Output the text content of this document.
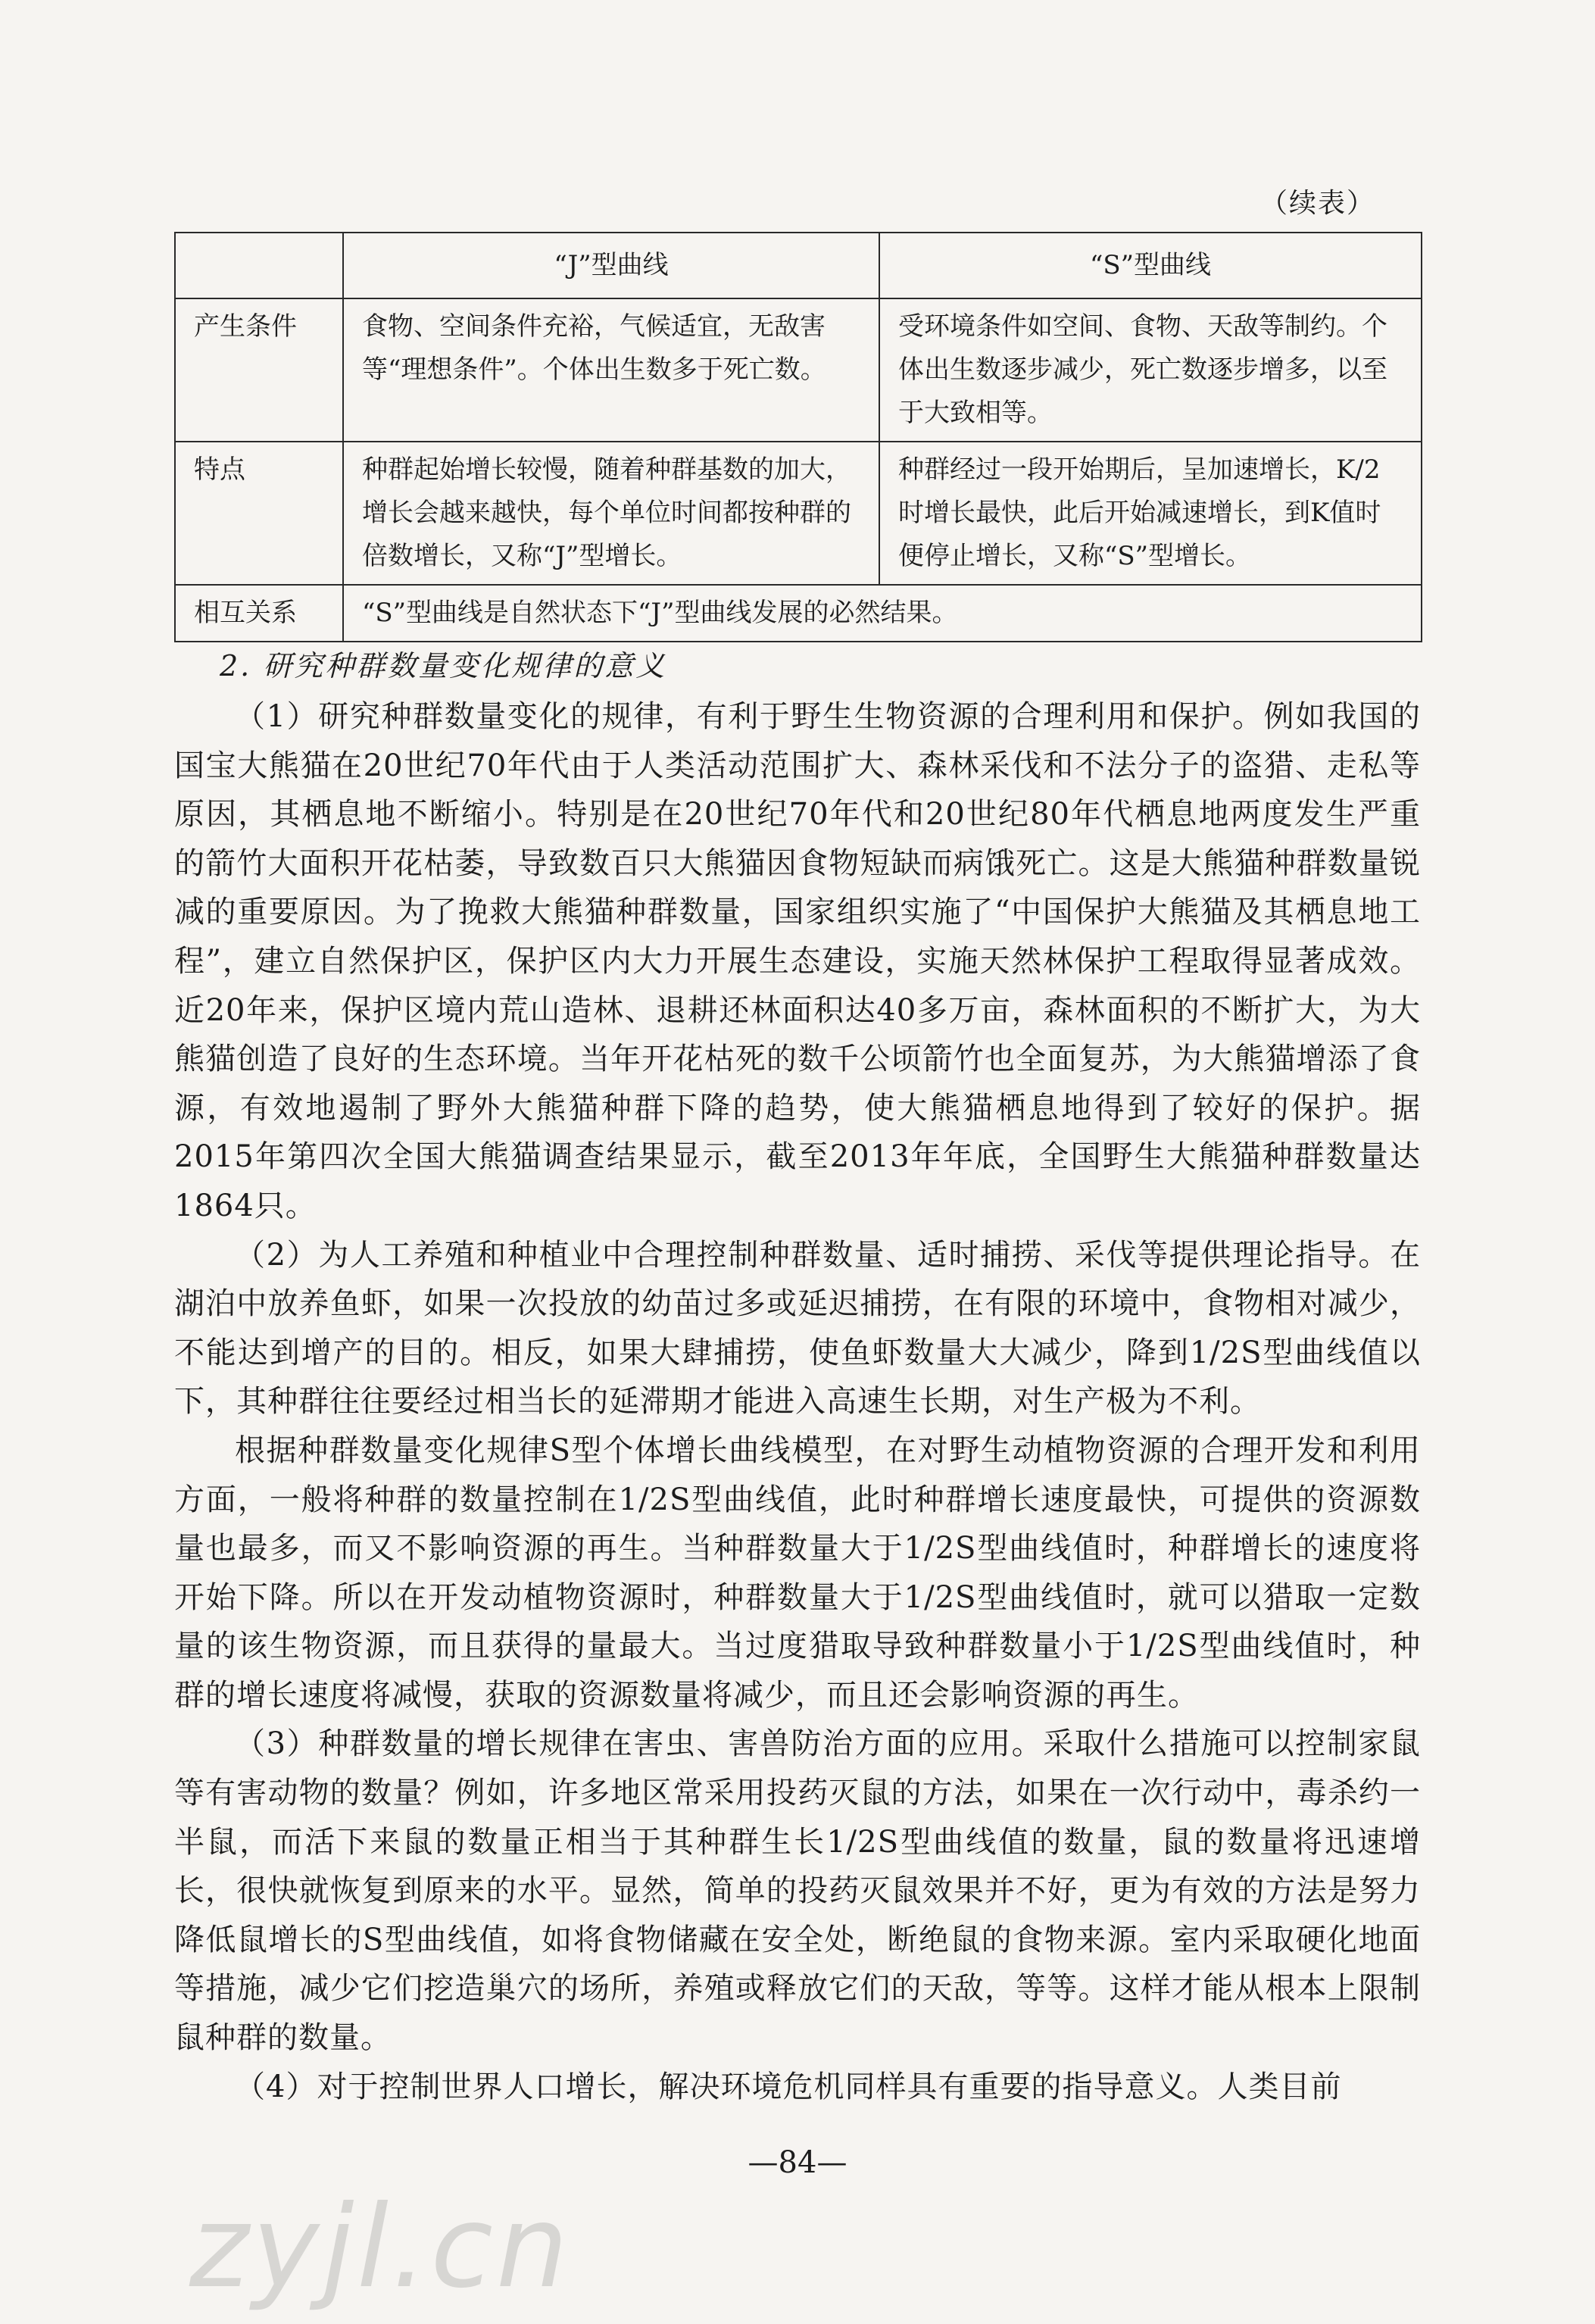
（续表）
	“J”型曲线	“S”型曲线
产生条件	食物、空间条件充裕，气候适宜，无敌害等“理想条件”。个体出生数多于死亡数。	受环境条件如空间、食物、天敌等制约。个体出生数逐步减少，死亡数逐步增多，以至于大致相等。
特点	种群起始增长较慢，随着种群基数的加大，增长会越来越快，每个单位时间都按种群的倍数增长，又称“J”型增长。	种群经过一段开始期后，呈加速增长，K/2时增长最快，此后开始减速增长，到K值时便停止增长，又称“S”型增长。
相互关系	“S”型曲线是自然状态下“J”型曲线发展的必然结果。	
2. 研究种群数量变化规律的意义

（1）研究种群数量变化的规律，有利于野生生物资源的合理利用和保护。例如我国的国宝大熊猫在20世纪70年代由于人类活动范围扩大、森林采伐和不法分子的盗猎、走私等原因，其栖息地不断缩小。特别是在20世纪70年代和20世纪80年代栖息地两度发生严重的箭竹大面积开花枯萎，导致数百只大熊猫因食物短缺而病饿死亡。这是大熊猫种群数量锐减的重要原因。为了挽救大熊猫种群数量，国家组织实施了“中国保护大熊猫及其栖息地工程”，建立自然保护区，保护区内大力开展生态建设，实施天然林保护工程取得显著成效。近20年来，保护区境内荒山造林、退耕还林面积达40多万亩，森林面积的不断扩大，为大熊猫创造了良好的生态环境。当年开花枯死的数千公顷箭竹也全面复苏，为大熊猫增添了食源，有效地遏制了野外大熊猫种群下降的趋势，使大熊猫栖息地得到了较好的保护。据2015年第四次全国大熊猫调查结果显示，截至2013年年底，全国野生大熊猫种群数量达1864只。

（2）为人工养殖和种植业中合理控制种群数量、适时捕捞、采伐等提供理论指导。在湖泊中放养鱼虾，如果一次投放的幼苗过多或延迟捕捞，在有限的环境中，食物相对减少，不能达到增产的目的。相反，如果大肆捕捞，使鱼虾数量大大减少，降到1/2S型曲线值以下，其种群往往要经过相当长的延滞期才能进入高速生长期，对生产极为不利。

根据种群数量变化规律S型个体增长曲线模型，在对野生动植物资源的合理开发和利用方面，一般将种群的数量控制在1/2S型曲线值，此时种群增长速度最快，可提供的资源数量也最多，而又不影响资源的再生。当种群数量大于1/2S型曲线值时，种群增长的速度将开始下降。所以在开发动植物资源时，种群数量大于1/2S型曲线值时，就可以猎取一定数量的该生物资源，而且获得的量最大。当过度猎取导致种群数量小于1/2S型曲线值时，种群的增长速度将减慢，获取的资源数量将减少，而且还会影响资源的再生。

（3）种群数量的增长规律在害虫、害兽防治方面的应用。采取什么措施可以控制家鼠等有害动物的数量？例如，许多地区常采用投药灭鼠的方法，如果在一次行动中，毒杀约一半鼠，而活下来鼠的数量正相当于其种群生长1/2S型曲线值的数量，鼠的数量将迅速增长，很快就恢复到原来的水平。显然，简单的投药灭鼠效果并不好，更为有效的方法是努力降低鼠增长的S型曲线值，如将食物储藏在安全处，断绝鼠的食物来源。室内采取硬化地面等措施，减少它们挖造巢穴的场所，养殖或释放它们的天敌，等等。这样才能从根本上限制鼠种群的数量。

（4）对于控制世界人口增长，解决环境危机同样具有重要的指导意义。人类目前

—84—
zyjl.cn
